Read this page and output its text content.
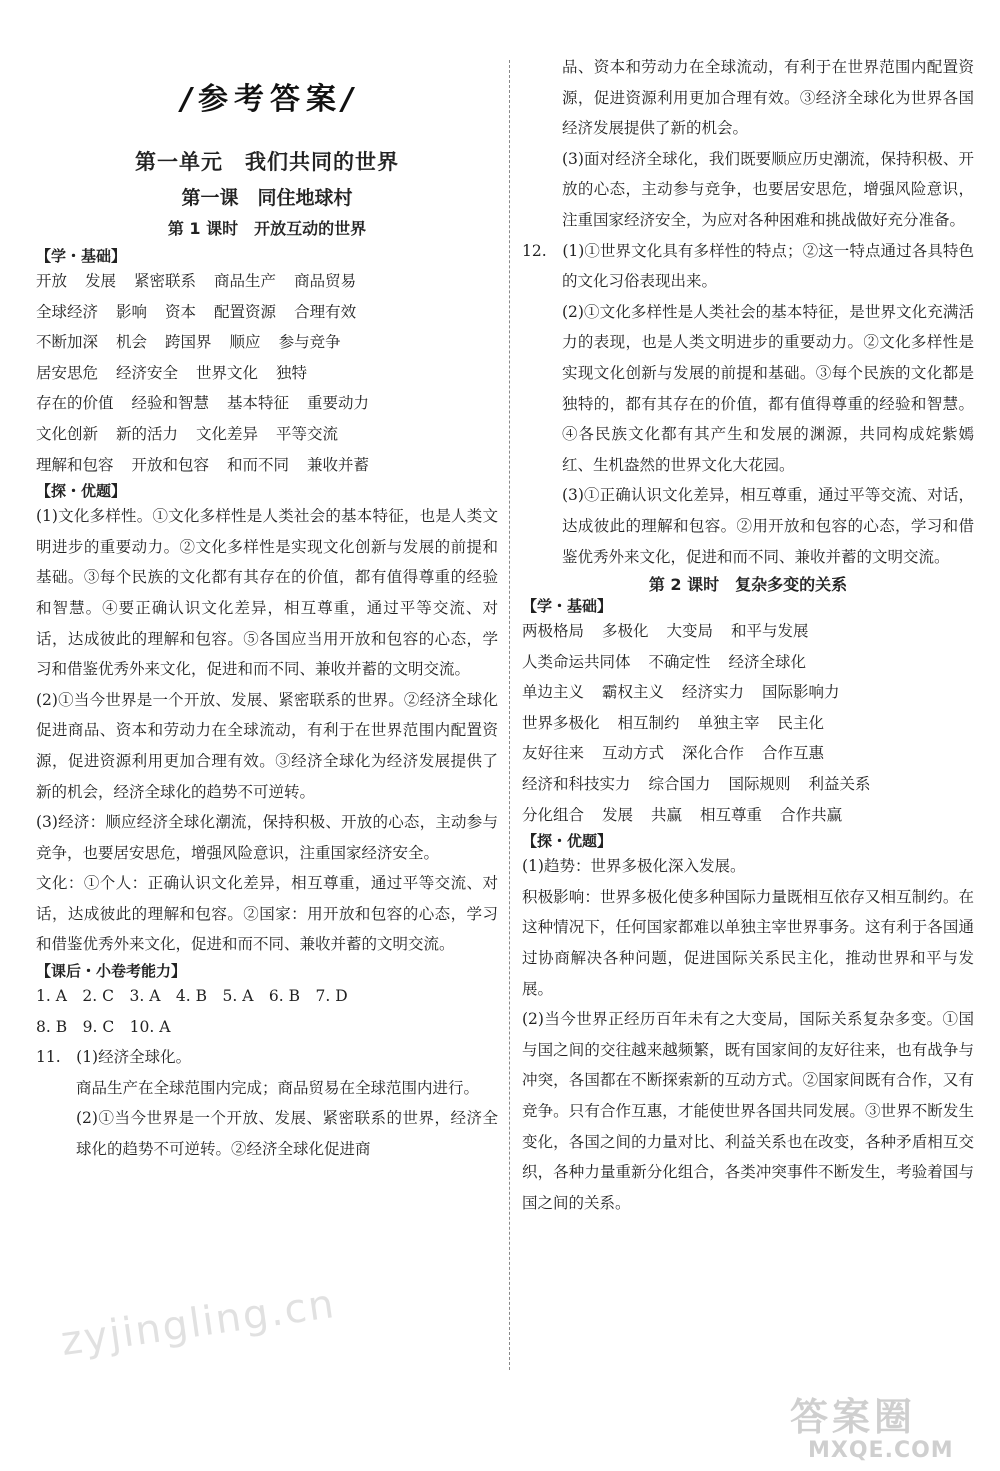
/参考答案/
第一单元　我们共同的世界
第一课　同住地球村
第 1 课时　开放互动的世界
【学・基础】
开放 发展 紧密联系 商品生产 商品贸易
全球经济 影响 资本 配置资源 合理有效
不断加深 机会 跨国界 顺应 参与竞争
居安思危 经济安全 世界文化 独特
存在的价值 经验和智慧 基本特征 重要动力
文化创新 新的活力 文化差异 平等交流
理解和包容 开放和包容 和而不同 兼收并蓄
【探・优题】

(1)文化多样性。①文化多样性是人类社会的基本特征，也是人类文明进步的重要动力。②文化多样性是实现文化创新与发展的前提和基础。③每个民族的文化都有其存在的价值，都有值得尊重的经验和智慧。④要正确认识文化差异，相互尊重，通过平等交流、对话，达成彼此的理解和包容。⑤各国应当用开放和包容的心态，学习和借鉴优秀外来文化，促进和而不同、兼收并蓄的文明交流。

(2)①当今世界是一个开放、发展、紧密联系的世界。②经济全球化促进商品、资本和劳动力在全球流动，有利于在世界范围内配置资源，促进资源利用更加合理有效。③经济全球化为经济发展提供了新的机会，经济全球化的趋势不可逆转。

(3)经济：顺应经济全球化潮流，保持积极、开放的心态，主动参与竞争，也要居安思危，增强风险意识，注重国家经济安全。

文化：①个人：正确认识文化差异，相互尊重，通过平等交流、对话，达成彼此的理解和包容。②国家：用开放和包容的心态，学习和借鉴优秀外来文化，促进和而不同、兼收并蓄的文明交流。

【课后・小卷考能力】

1. A　2. C　3. A　4. B　5. A　6. B　7. D

8. B　9. C　10. A

11.　(1)经济全球化。

商品生产在全球范围内完成；商品贸易在全球范围内进行。

(2)①当今世界是一个开放、发展、紧密联系的世界，经济全球化的趋势不可逆转。②经济全球化促进商

品、资本和劳动力在全球流动，有利于在世界范围内配置资源，促进资源利用更加合理有效。③经济全球化为世界各国经济发展提供了新的机会。

(3)面对经济全球化，我们既要顺应历史潮流，保持积极、开放的心态，主动参与竞争，也要居安思危，增强风险意识，注重国家经济安全，为应对各种困难和挑战做好充分准备。

12.　(1)①世界文化具有多样性的特点；②这一特点通过各具特色的文化习俗表现出来。

(2)①文化多样性是人类社会的基本特征，是世界文化充满活力的表现，也是人类文明进步的重要动力。②文化多样性是实现文化创新与发展的前提和基础。③每个民族的文化都是独特的，都有其存在的价值，都有值得尊重的经验和智慧。④各民族文化都有其产生和发展的渊源，共同构成姹紫嫣红、生机盎然的世界文化大花园。

(3)①正确认识文化差异，相互尊重，通过平等交流、对话，达成彼此的理解和包容。②用开放和包容的心态，学习和借鉴优秀外来文化，促进和而不同、兼收并蓄的文明交流。

第 2 课时　复杂多变的关系
【学・基础】
两极格局 多极化 大变局 和平与发展
人类命运共同体 不确定性 经济全球化
单边主义 霸权主义 经济实力 国际影响力
世界多极化 相互制约 单独主宰 民主化
友好往来 互动方式 深化合作 合作互惠
经济和科技实力 综合国力 国际规则 利益关系
分化组合 发展 共赢 相互尊重 合作共赢
【探・优题】

(1)趋势：世界多极化深入发展。

积极影响：世界多极化使多种国际力量既相互依存又相互制约。在这种情况下，任何国家都难以单独主宰世界事务。这有利于各国通过协商解决各种问题，促进国际关系民主化，推动世界和平与发展。

(2)当今世界正经历百年未有之大变局，国际关系复杂多变。①国与国之间的交往越来越频繁，既有国家间的友好往来，也有战争与冲突，各国都在不断探索新的互动方式。②国家间既有合作，又有竞争。只有合作互惠，才能使世界各国共同发展。③世界不断发生变化，各国之间的力量对比、利益关系也在改变，各种矛盾相互交织，各种力量重新分化组合，各类冲突事件不断发生，考验着国与国之间的关系。

zyjingling.cn
答案圈
MXQE.COM
